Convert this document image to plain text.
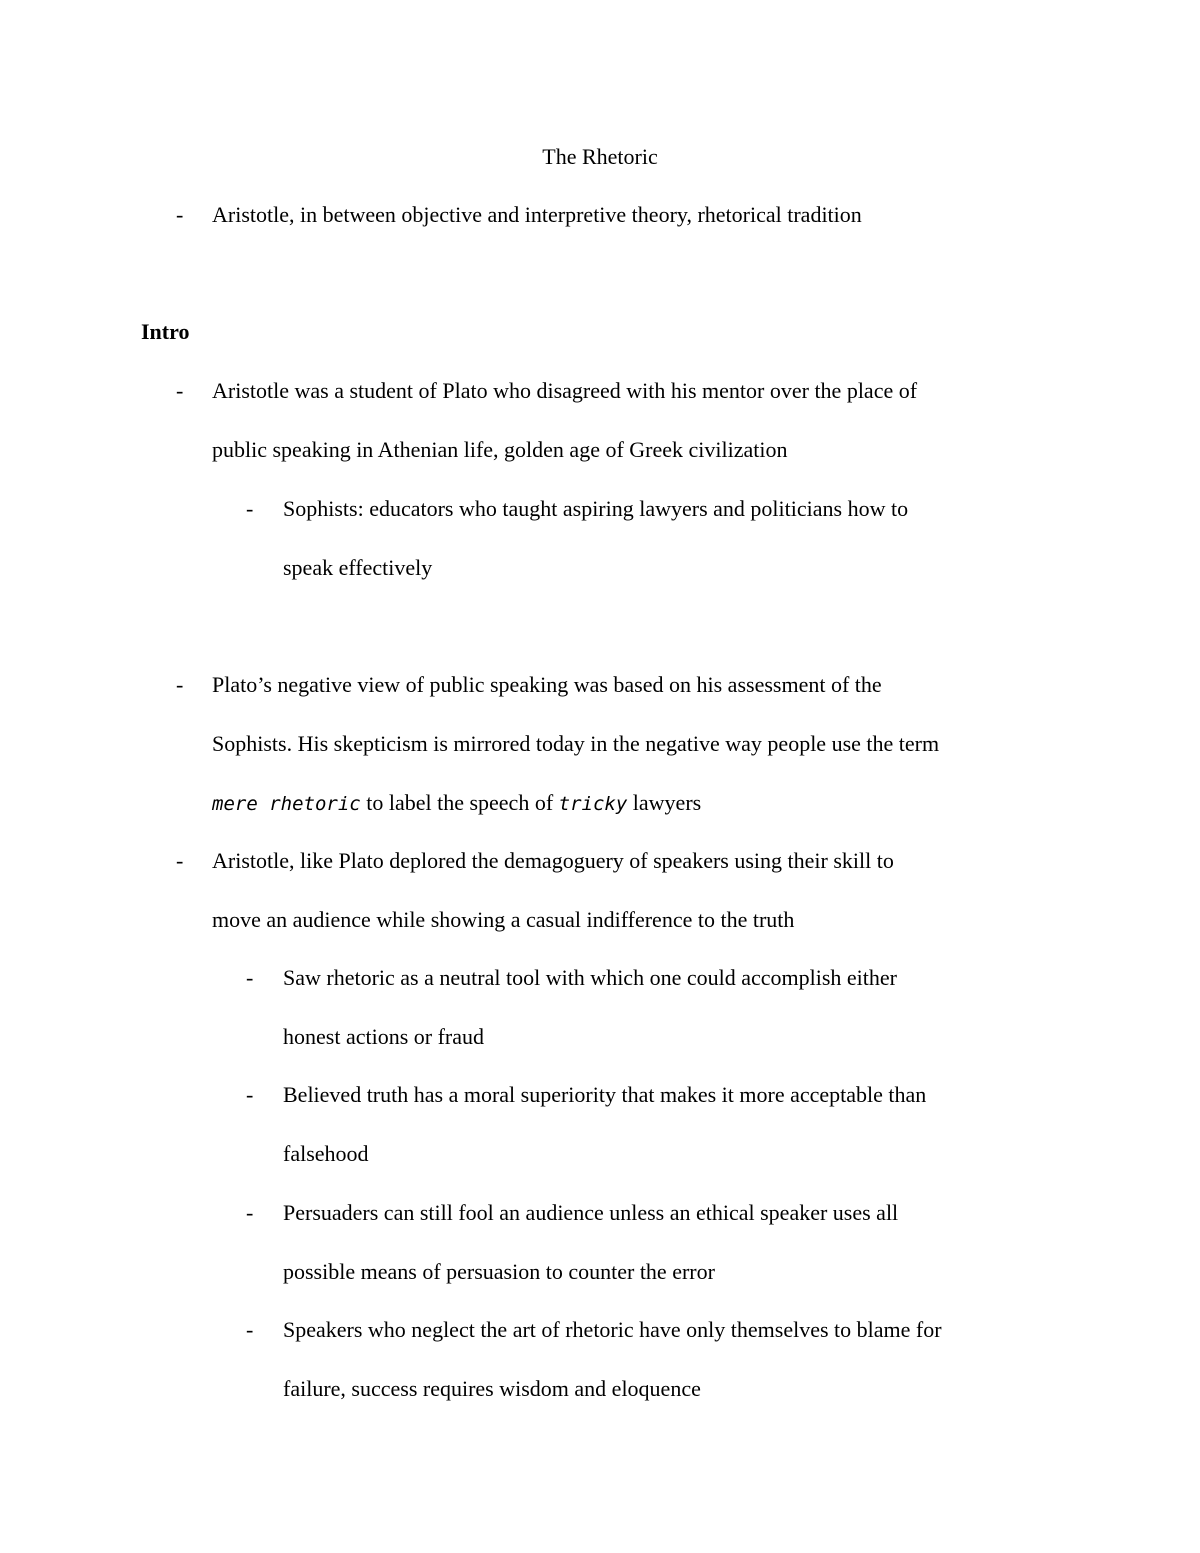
The Rhetoric
- Aristotle, in between objective and interpretive theory, rhetorical tradition
Intro
- Aristotle was a student of Plato who disagreed with his mentor over the place of
public speaking in Athenian life, golden age of Greek civilization
- Sophists: educators who taught aspiring lawyers and politicians how to
speak effectively
- Plato’s negative view of public speaking was based on his assessment of the
Sophists. His skepticism is mirrored today in the negative way people use the term
mere rhetoric to label the speech of tricky lawyers
- Aristotle, like Plato deplored the demagoguery of speakers using their skill to
move an audience while showing a casual indifference to the truth
- Saw rhetoric as a neutral tool with which one could accomplish either
honest actions or fraud
- Believed truth has a moral superiority that makes it more acceptable than
falsehood
- Persuaders can still fool an audience unless an ethical speaker uses all
possible means of persuasion to counter the error
- Speakers who neglect the art of rhetoric have only themselves to blame for
failure, success requires wisdom and eloquence
